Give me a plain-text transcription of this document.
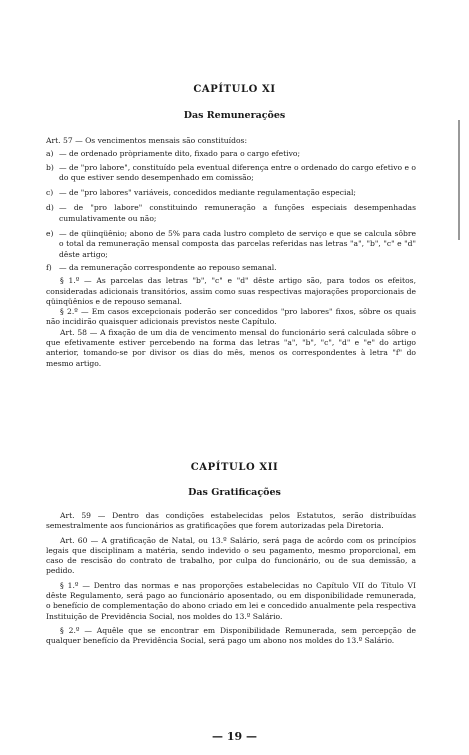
CAPÍTULO XI
Das Remunerações

Art. 57 — Os vencimentos mensais são constituídos:

a) — de ordenado pròpriamente dito, fixado para o cargo efetivo;
b) — de "pro labore", constituído pela eventual diferença entre o ordenado do cargo efetivo e o do que estiver sendo desempenhado em comissão;
c) — de "pro labores" variáveis, concedidos mediante regulamentação especial;
d) — de "pro labore" constituindo remuneração a funções especiais desempenhadas cumulativamente ou não;
e) — de qüinqüênio; abono de 5% para cada lustro completo de serviço e que se calcula sôbre o total da remuneração mensal composta das parcelas referidas nas letras "a", "b", "c" e "d" dêste artigo;
f) — da remuneração correspondente ao repouso semanal.

§ 1.º — As parcelas das letras "b", "c" e "d" dêste artigo são, para todos os efeitos, consideradas adicionais transitórios, assim como suas respectivas majorações proporcionais de qüinqüênios e de repouso semanal.

§ 2.º — Em casos excepcionais poderão ser concedidos "pro labores" fixos, sôbre os quais não incidirão quaisquer adicionais previstos neste Capítulo.

Art. 58 — A fixação de um dia de vencimento mensal do funcionário será calculada sôbre o que efetivamente estiver percebendo na forma das letras "a", "b", "c", "d" e "e" do artigo anterior, tomando-se por divisor os dias do mês, menos os correspondentes à letra "f" do mesmo artigo.

CAPÍTULO XII
Das Gratificações

Art. 59 — Dentro das condições estabelecidas pelos Estatutos, serão distribuídas semestralmente aos funcionários as gratificações que forem autorizadas pela Diretoria.

Art. 60 — A gratificação de Natal, ou 13.º Salário, será paga de acôrdo com os princípios legais que disciplinam a matéria, sendo indevido o seu pagamento, mesmo proporcional, em caso de rescisão do contrato de trabalho, por culpa do funcionário, ou de sua demissão, a pedido.

§ 1.º — Dentro das normas e nas proporções estabelecidas no Capítulo VII do Título VI dêste Regulamento, será pago ao funcionário aposentado, ou em disponibilidade remunerada, o benefício de complementação do abono criado em lei e concedido anualmente pela respectiva Instituição de Previdência Social, nos moldes do 13.º Salário.

§ 2.º — Aquêle que se encontrar em Disponibilidade Remunerada, sem percepção de qualquer benefício da Previdência Social, será pago um abono nos moldes do 13.º Salário.

— 19 —
